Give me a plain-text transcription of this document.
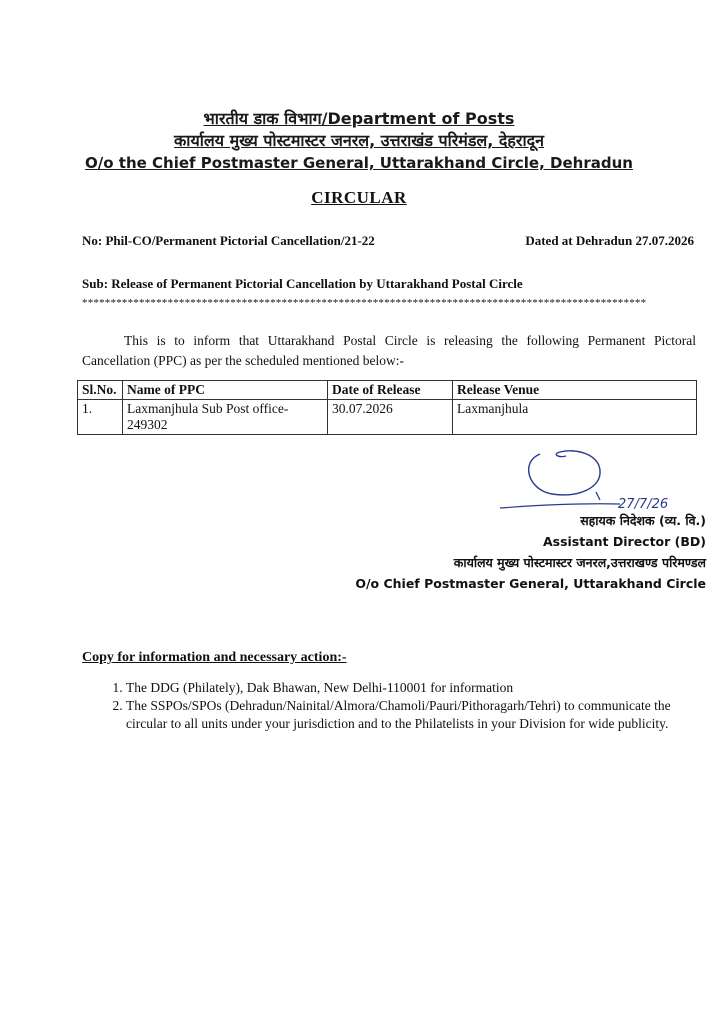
भारतीय डाक विभाग/Department of Posts
कार्यालय मुख्य पोस्टमास्टर जनरल, उत्तराखंड परिमंडल, देहरादून
O/o the Chief Postmaster General, Uttarakhand Circle, Dehradun
CIRCULAR
No: Phil-CO/Permanent Pictorial Cancellation/21-22	Dated at Dehradun 27.07.2026
Sub: Release of Permanent Pictorial Cancellation by Uttarakhand Postal Circle
***************************************************************************************************
This is to inform that Uttarakhand Postal Circle is releasing the following Permanent Pictoral Cancellation (PPC) as per the scheduled mentioned below:-
Sl.No.	Name of PPC	Date of Release	Release Venue
1.	Laxmanjhula Sub Post office-249302	30.07.2026	Laxmanjhula
27/7/26
सहायक निदेशक (व्य. वि.)
Assistant Director (BD)
कार्यालय मुख्य पोस्टमास्टर जनरल,उत्तराखण्ड परिमण्डल
O/o Chief Postmaster General, Uttarakhand Circle
Copy for information and necessary action:-
1. The DDG (Philately), Dak Bhawan, New Delhi-110001 for information
2. The SSPOs/SPOs (Dehradun/Nainital/Almora/Chamoli/Pauri/Pithoragarh/Tehri) to communicate the circular to all units under your jurisdiction and to the Philatelists in your Division for wide publicity.
